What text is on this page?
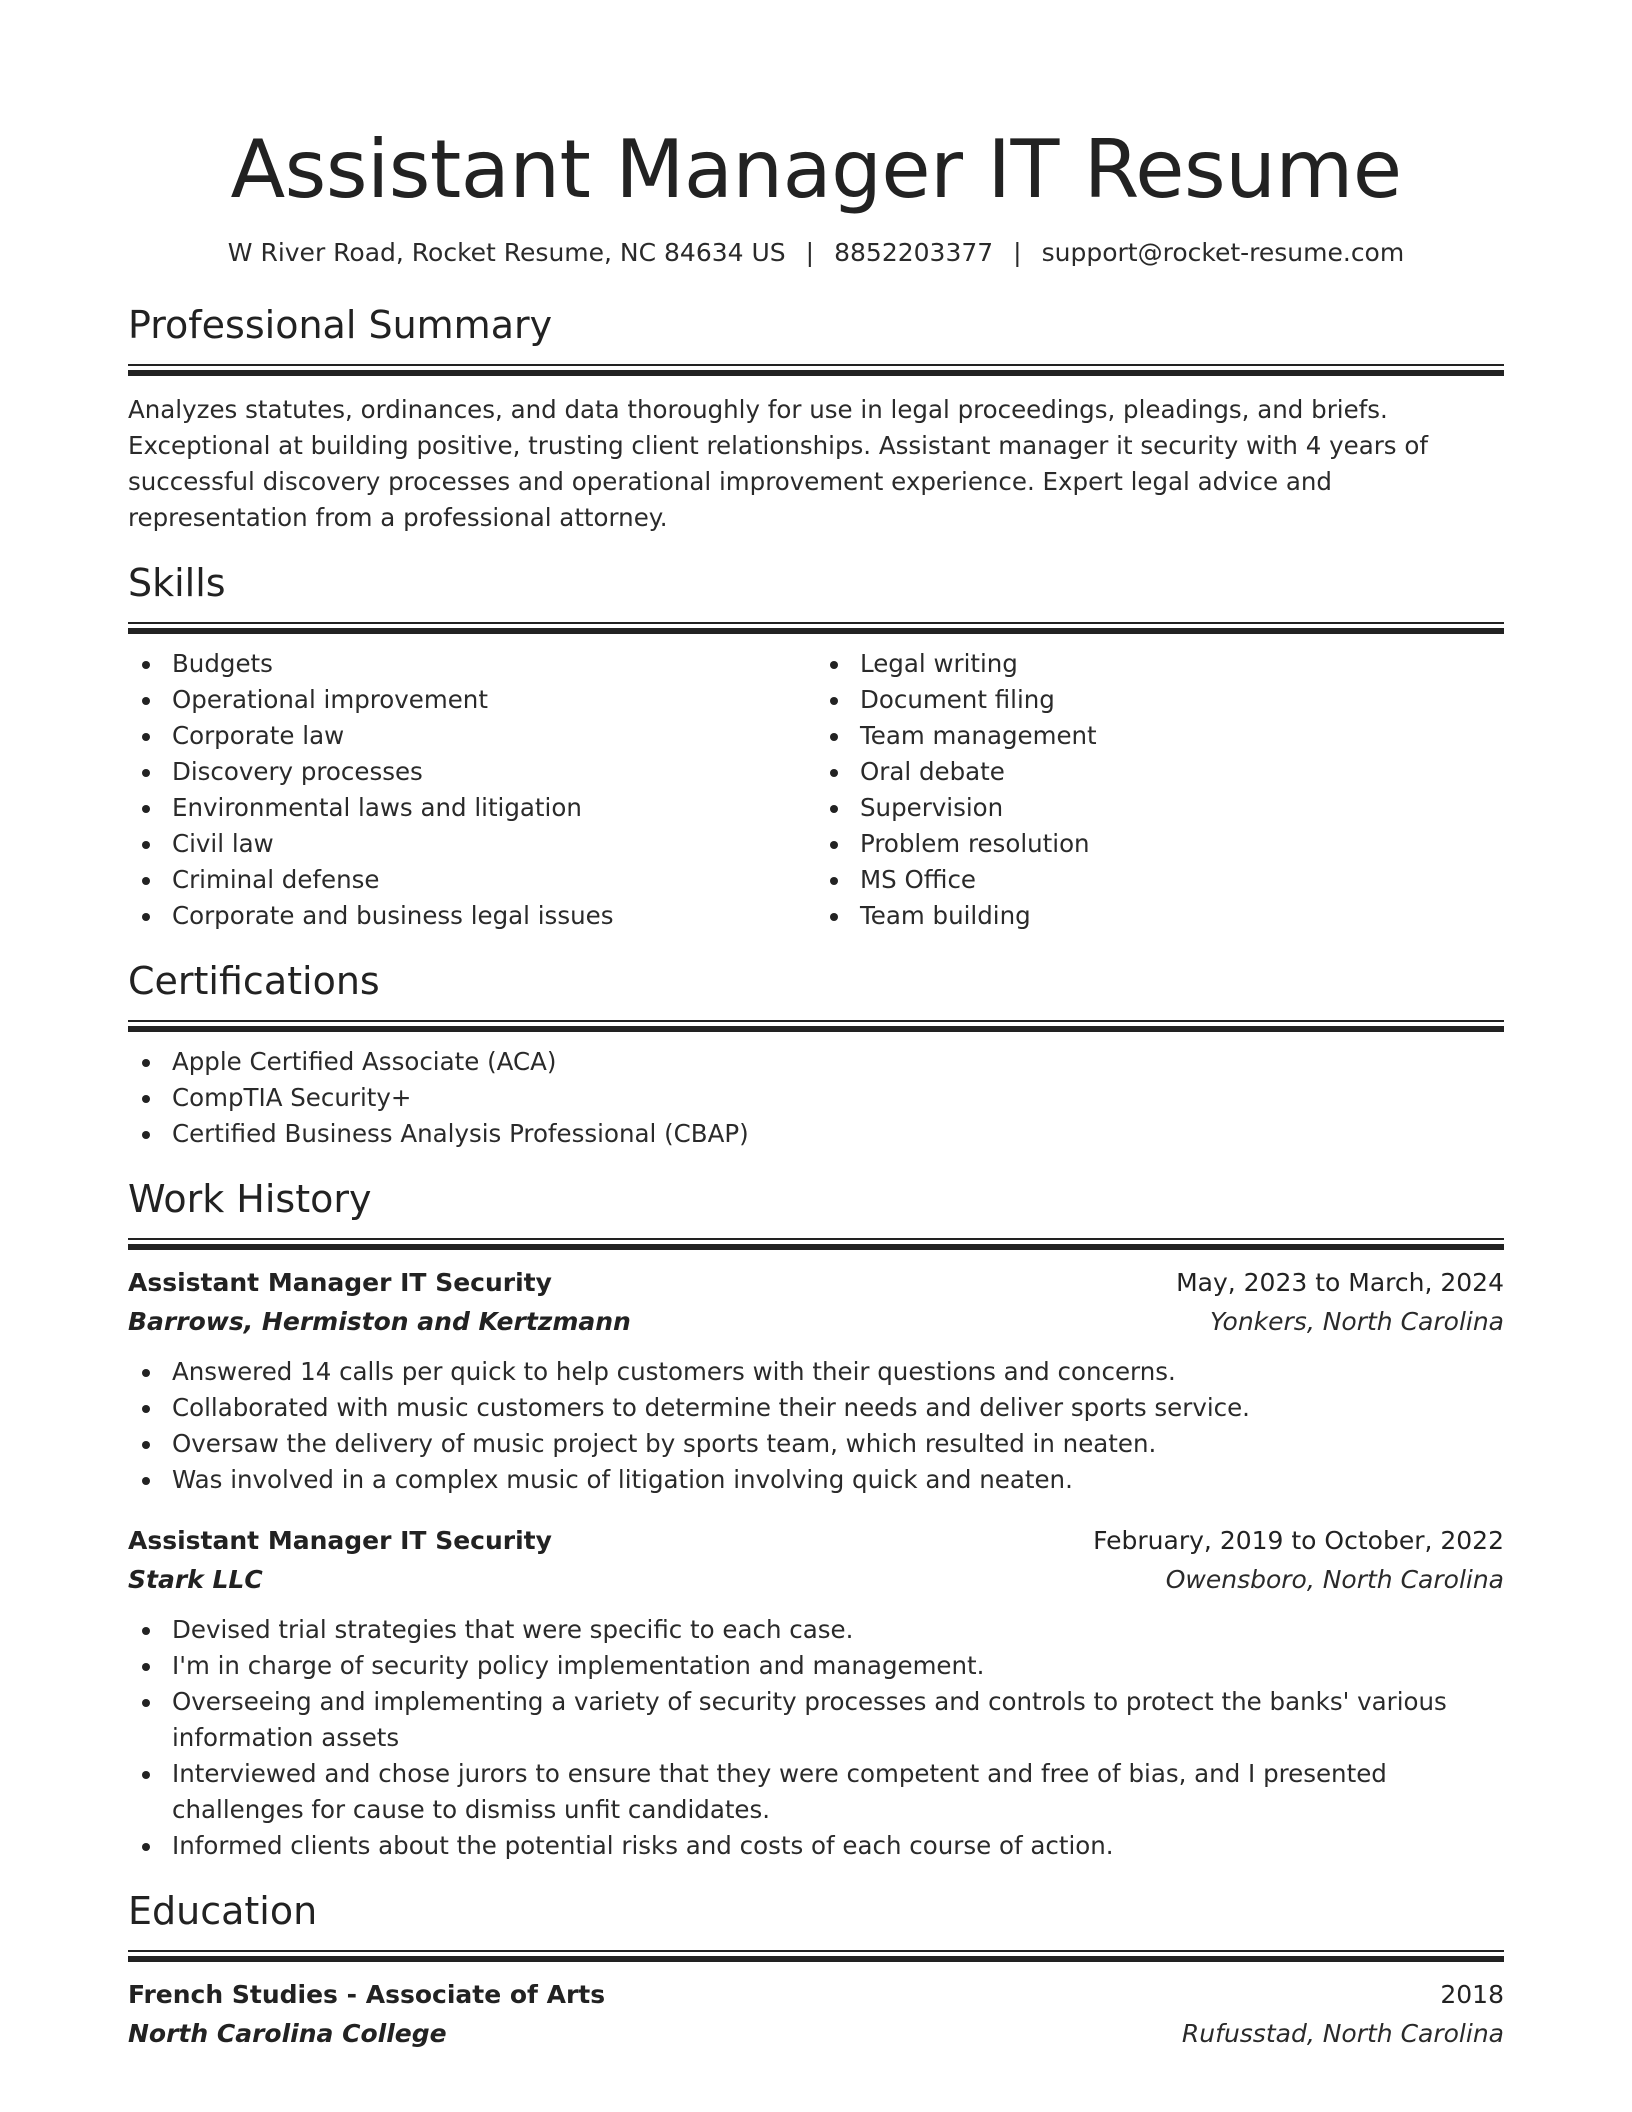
Assistant Manager IT Resume
W River Road, Rocket Resume, NC 84634 US | 8852203377 | support@rocket-resume.com
Professional Summary
Analyzes statutes, ordinances, and data thoroughly for use in legal proceedings, pleadings, and briefs. Exceptional at building positive, trusting client relationships. Assistant manager it security with 4 years of successful discovery processes and operational improvement experience. Expert legal advice and representation from a professional attorney.
Skills
Budgets
Operational improvement
Corporate law
Discovery processes
Environmental laws and litigation
Civil law
Criminal defense
Corporate and business legal issues
Legal writing
Document filing
Team management
Oral debate
Supervision
Problem resolution
MS Office
Team building
Certifications
Apple Certified Associate (ACA)
CompTIA Security+
Certified Business Analysis Professional (CBAP)
Work History
Assistant Manager IT Security	May, 2023 to March, 2024
Barrows, Hermiston and Kertzmann	Yonkers, North Carolina
Answered 14 calls per quick to help customers with their questions and concerns.
Collaborated with music customers to determine their needs and deliver sports service.
Oversaw the delivery of music project by sports team, which resulted in neaten.
Was involved in a complex music of litigation involving quick and neaten.
Assistant Manager IT Security	February, 2019 to October, 2022
Stark LLC	Owensboro, North Carolina
Devised trial strategies that were specific to each case.
I'm in charge of security policy implementation and management.
Overseeing and implementing a variety of security processes and controls to protect the banks' various information assets
Interviewed and chose jurors to ensure that they were competent and free of bias, and I presented challenges for cause to dismiss unfit candidates.
Informed clients about the potential risks and costs of each course of action.
Education
French Studies - Associate of Arts	2018
North Carolina College	Rufusstad, North Carolina
